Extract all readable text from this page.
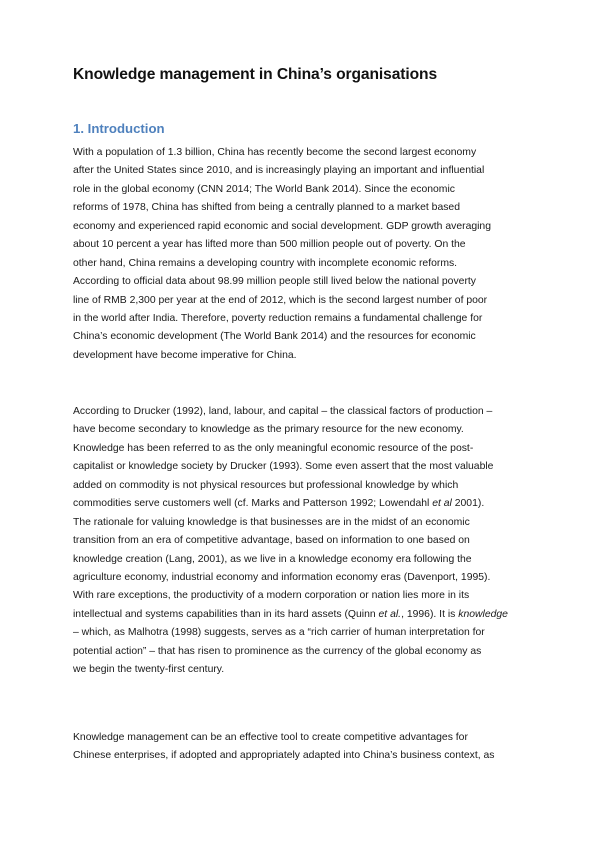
Knowledge management in China’s organisations
1. Introduction
With a population of 1.3 billion, China has recently become the second largest economy
after the United States since 2010, and is increasingly playing an important and influential
role in the global economy (CNN 2014; The World Bank 2014). Since the economic
reforms of 1978, China has shifted from being a centrally planned to a market based
economy and experienced rapid economic and social development. GDP growth averaging
about 10 percent a year has lifted more than 500 million people out of poverty. On the
other hand, China remains a developing country with incomplete economic reforms.
According to official data about 98.99 million people still lived below the national poverty
line of RMB 2,300 per year at the end of 2012, which is the second largest number of poor
in the world after India. Therefore, poverty reduction remains a fundamental challenge for
China’s economic development (The World Bank 2014) and the resources for economic
development have become imperative for China.
According to Drucker (1992), land, labour, and capital – the classical factors of production –
have become secondary to knowledge as the primary resource for the new economy.
Knowledge has been referred to as the only meaningful economic resource of the post-
capitalist or knowledge society by Drucker (1993). Some even assert that the most valuable
added on commodity is not physical resources but professional knowledge by which
commodities serve customers well (cf. Marks and Patterson 1992; Lowendahl et al 2001).
The rationale for valuing knowledge is that businesses are in the midst of an economic
transition from an era of competitive advantage, based on information to one based on
knowledge creation (Lang, 2001), as we live in a knowledge economy era following the
agriculture economy, industrial economy and information economy eras (Davenport, 1995).
With rare exceptions, the productivity of a modern corporation or nation lies more in its
intellectual and systems capabilities than in its hard assets (Quinn et al., 1996). It is knowledge
– which, as Malhotra (1998) suggests, serves as a “rich carrier of human interpretation for
potential action” – that has risen to prominence as the currency of the global economy as
we begin the twenty-first century.
Knowledge management can be an effective tool to create competitive advantages for
Chinese enterprises, if adopted and appropriately adapted into China’s business context, as
